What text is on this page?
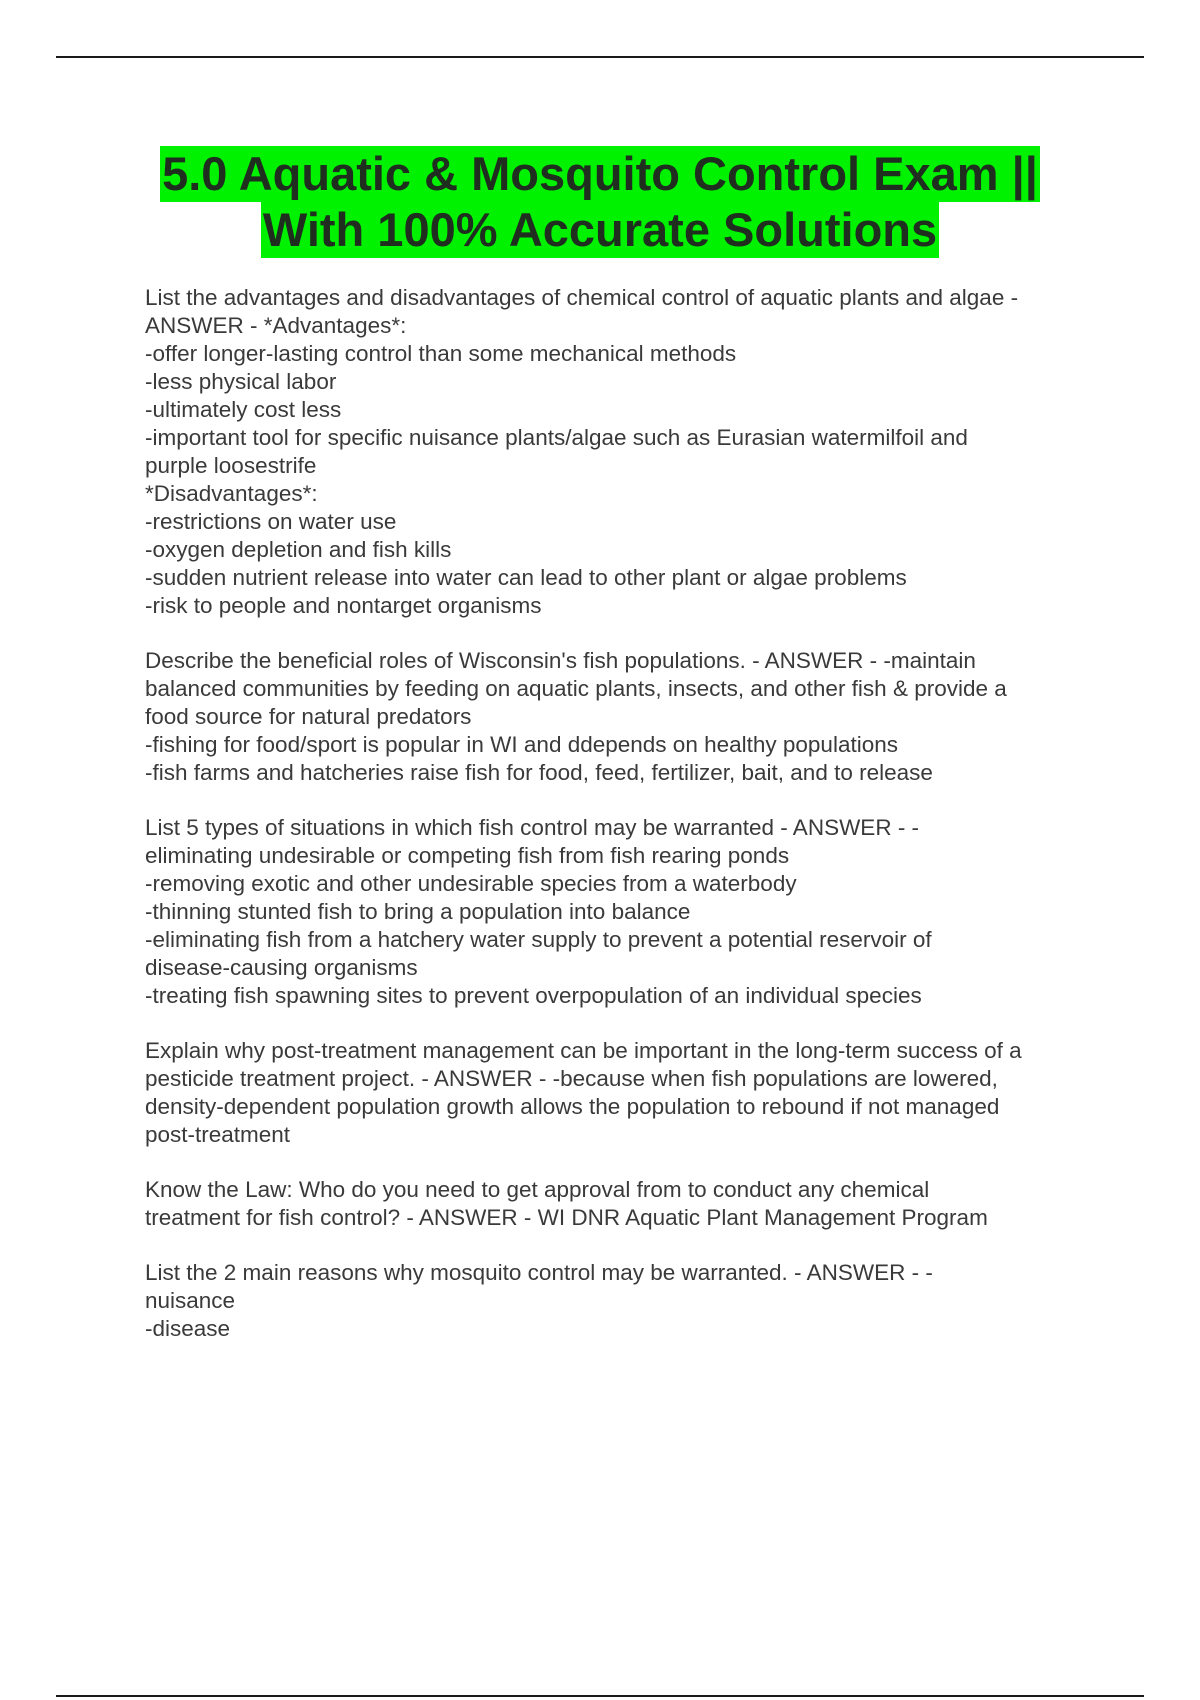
5.0 Aquatic & Mosquito Control Exam ||
With 100% Accurate Solutions
List the advantages and disadvantages of chemical control of aquatic plants and algae -
ANSWER - *Advantages*:
-offer longer-lasting control than some mechanical methods
-less physical labor
-ultimately cost less
-important tool for specific nuisance plants/algae such as Eurasian watermilfoil and
purple loosestrife
*Disadvantages*:
-restrictions on water use
-oxygen depletion and fish kills
-sudden nutrient release into water can lead to other plant or algae problems
-risk to people and nontarget organisms
Describe the beneficial roles of Wisconsin's fish populations. - ANSWER - -maintain
balanced communities by feeding on aquatic plants, insects, and other fish & provide a
food source for natural predators
-fishing for food/sport is popular in WI and ddepends on healthy populations
-fish farms and hatcheries raise fish for food, feed, fertilizer, bait, and to release
List 5 types of situations in which fish control may be warranted - ANSWER - -
eliminating undesirable or competing fish from fish rearing ponds
-removing exotic and other undesirable species from a waterbody
-thinning stunted fish to bring a population into balance
-eliminating fish from a hatchery water supply to prevent a potential reservoir of
disease-causing organisms
-treating fish spawning sites to prevent overpopulation of an individual species
Explain why post-treatment management can be important in the long-term success of a
pesticide treatment project. - ANSWER - -because when fish populations are lowered,
density-dependent population growth allows the population to rebound if not managed
post-treatment
Know the Law: Who do you need to get approval from to conduct any chemical
treatment for fish control? - ANSWER - WI DNR Aquatic Plant Management Program
List the 2 main reasons why mosquito control may be warranted. - ANSWER - -
nuisance
-disease
